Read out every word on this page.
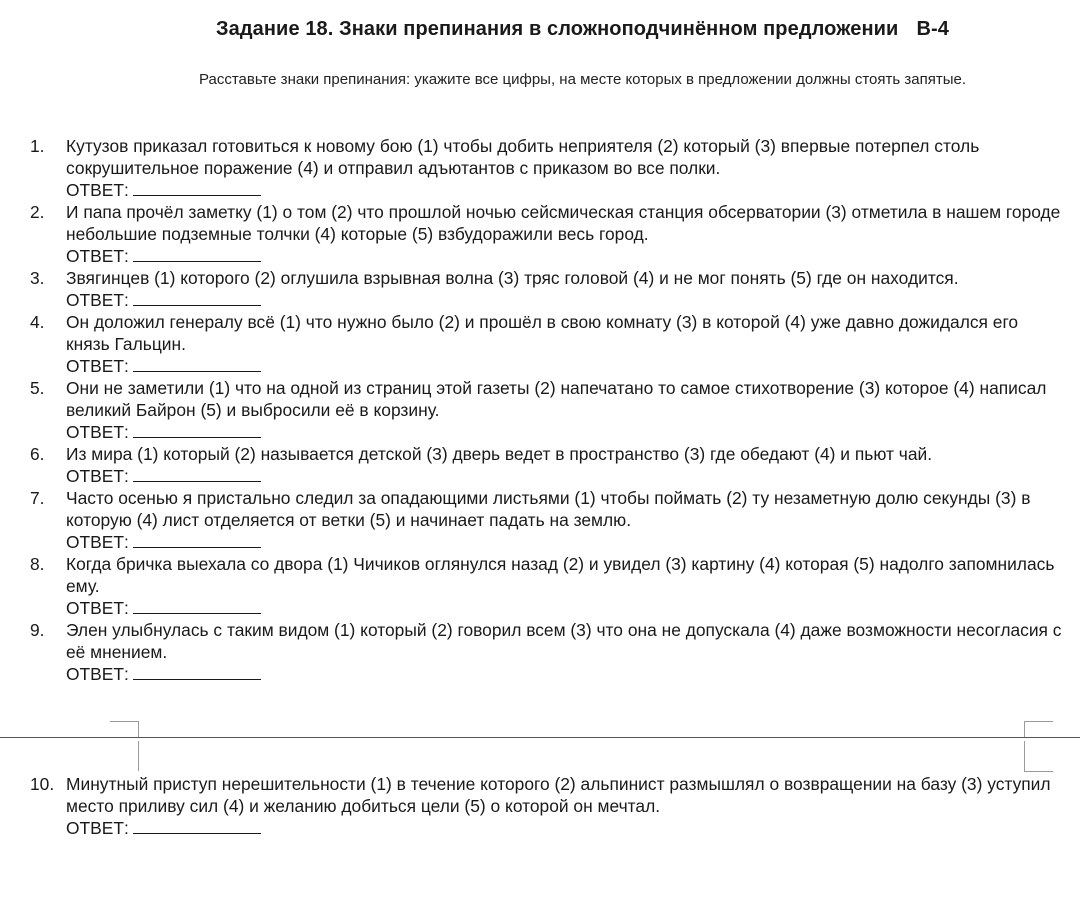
Задание 18. Знаки препинания в сложноподчинённом предложении В-4
Расставьте знаки препинания: укажите все цифры, на месте которых в предложении должны стоять запятые.
1. Кутузов приказал готовиться к новому бою (1) чтобы добить неприятеля (2) который (3) впервые потерпел столь сокрушительное поражение (4) и отправил адъютантов с приказом во все полки.
ОТВЕТ:
2. И папа прочёл заметку (1) о том (2) что прошлой ночью сейсмическая станция обсерватории (3) отметила в нашем городе небольшие подземные толчки (4) которые (5) взбудоражили весь город.
ОТВЕТ:
3. Звягинцев (1) которого (2) оглушила взрывная волна (3) тряс головой (4) и не мог понять (5) где он находится.
ОТВЕТ:
4. Он доложил генералу всё (1) что нужно было (2) и прошёл в свою комнату (3) в которой (4) уже давно дожидался его князь Гальцин.
ОТВЕТ:
5. Они не заметили (1) что на одной из страниц этой газеты (2) напечатано то самое стихотворение (3) которое (4) написал великий Байрон (5) и выбросили её в корзину.
ОТВЕТ:
6. Из мира (1) который (2) называется детской (3) дверь ведет в пространство (3) где обедают (4) и пьют чай.
ОТВЕТ:
7. Часто осенью я пристально следил за опадающими листьями (1) чтобы поймать (2) ту незаметную долю секунды (3) в которую (4) лист отделяется от ветки (5) и начинает падать на землю.
ОТВЕТ:
8. Когда бричка выехала со двора (1) Чичиков оглянулся назад (2) и увидел (3) картину (4) которая (5) надолго запомнилась ему.
ОТВЕТ:
9. Элен улыбнулась с таким видом (1) который (2) говорил всем (3) что она не допускала (4) даже возможности несогласия с её мнением.
ОТВЕТ:
10. Минутный приступ нерешительности (1) в течение которого (2) альпинист размышлял о возвращении на базу (3) уступил место приливу сил (4) и желанию добиться цели (5) о которой он мечтал.
ОТВЕТ:
